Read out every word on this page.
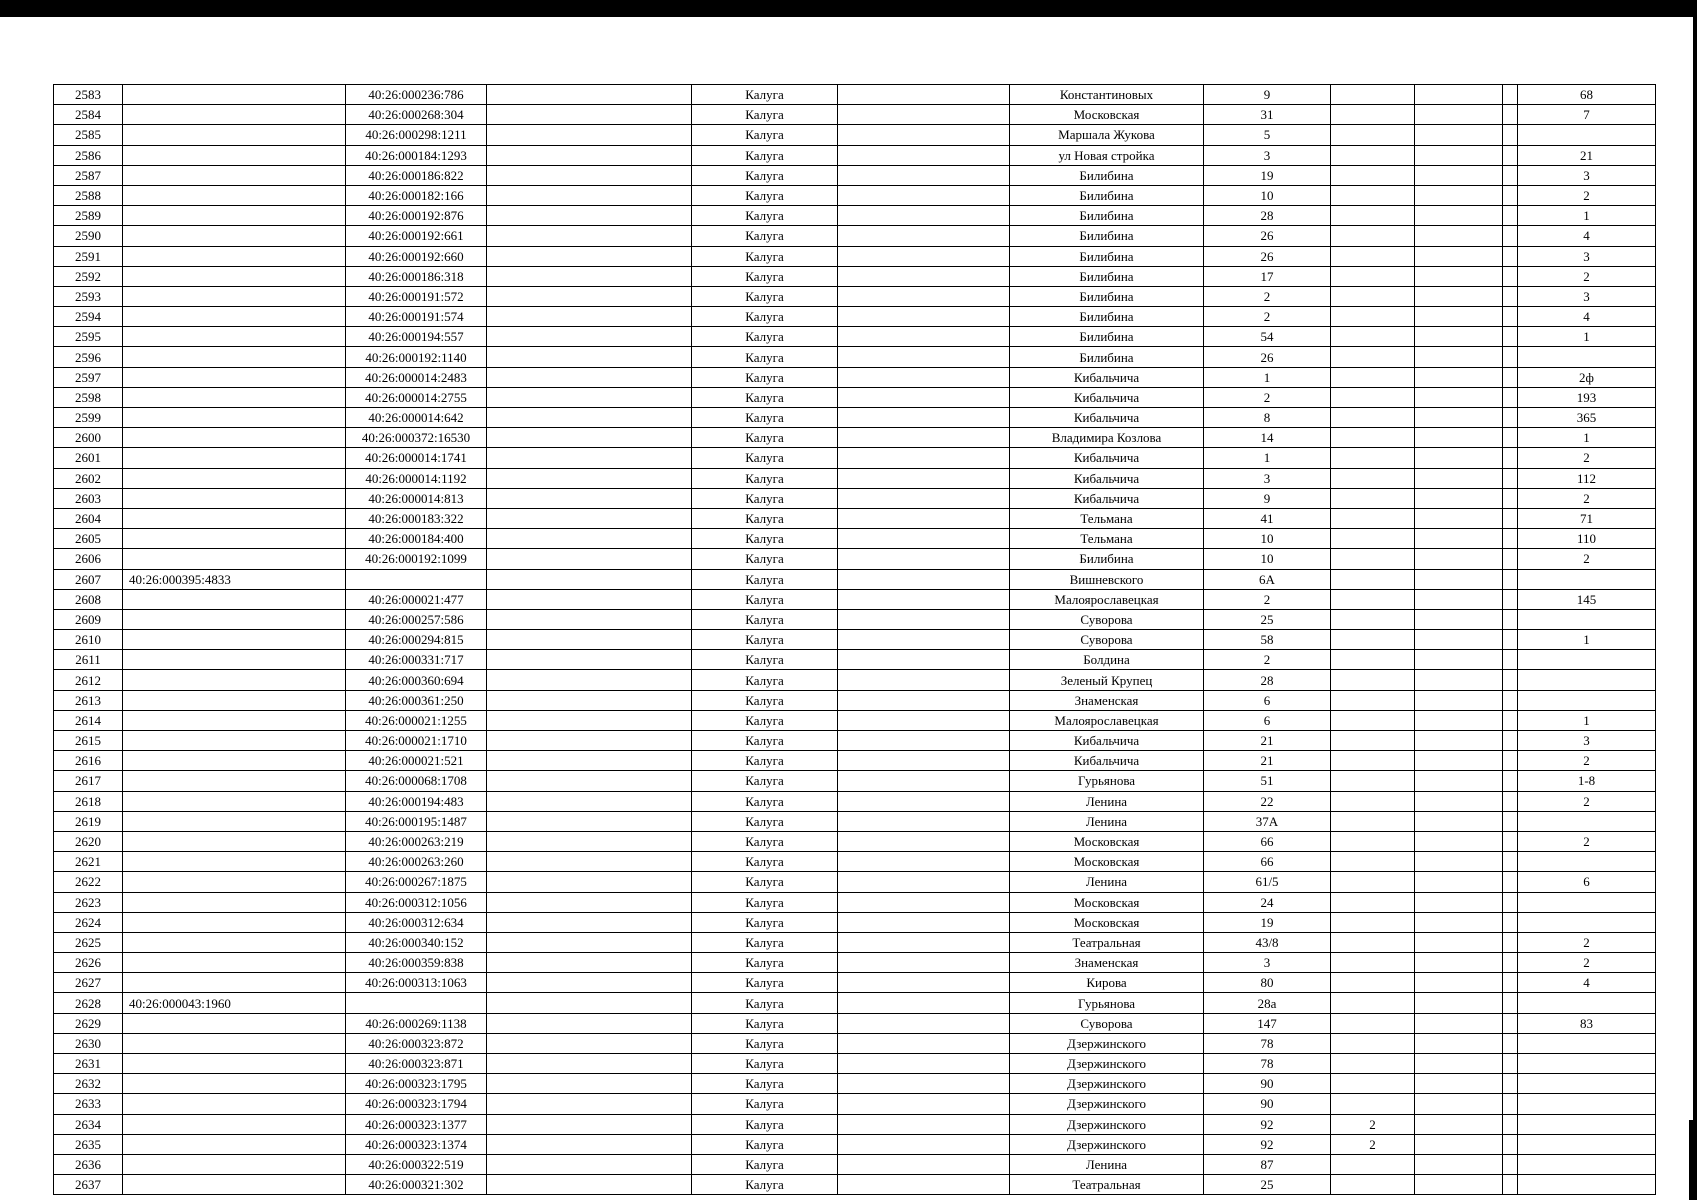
2583		40:26:000236:786		Калуга		Константиновых	9				68
2584		40:26:000268:304		Калуга		Московская	31				7
2585		40:26:000298:1211		Калуга		Маршала Жукова	5				
2586		40:26:000184:1293		Калуга		ул Новая стройка	3				21
2587		40:26:000186:822		Калуга		Билибина	19				3
2588		40:26:000182:166		Калуга		Билибина	10				2
2589		40:26:000192:876		Калуга		Билибина	28				1
2590		40:26:000192:661		Калуга		Билибина	26				4
2591		40:26:000192:660		Калуга		Билибина	26				3
2592		40:26:000186:318		Калуга		Билибина	17				2
2593		40:26:000191:572		Калуга		Билибина	2				3
2594		40:26:000191:574		Калуга		Билибина	2				4
2595		40:26:000194:557		Калуга		Билибина	54				1
2596		40:26:000192:1140		Калуга		Билибина	26				
2597		40:26:000014:2483		Калуга		Кибальчича	1				2ф
2598		40:26:000014:2755		Калуга		Кибальчича	2				193
2599		40:26:000014:642		Калуга		Кибальчича	8				365
2600		40:26:000372:16530		Калуга		Владимира Козлова	14				1
2601		40:26:000014:1741		Калуга		Кибальчича	1				2
2602		40:26:000014:1192		Калуга		Кибальчича	3				112
2603		40:26:000014:813		Калуга		Кибальчича	9				2
2604		40:26:000183:322		Калуга		Тельмана	41				71
2605		40:26:000184:400		Калуга		Тельмана	10				110
2606		40:26:000192:1099		Калуга		Билибина	10				2
2607	40:26:000395:4833			Калуга		Вишневского	6А				
2608		40:26:000021:477		Калуга		Малоярославецкая	2				145
2609		40:26:000257:586		Калуга		Суворова	25				
2610		40:26:000294:815		Калуга		Суворова	58				1
2611		40:26:000331:717		Калуга		Болдина	2				
2612		40:26:000360:694		Калуга		Зеленый Крупец	28				
2613		40:26:000361:250		Калуга		Знаменская	6				
2614		40:26:000021:1255		Калуга		Малоярославецкая	6				1
2615		40:26:000021:1710		Калуга		Кибальчича	21				3
2616		40:26:000021:521		Калуга		Кибальчича	21				2
2617		40:26:000068:1708		Калуга		Гурьянова	51				1-8
2618		40:26:000194:483		Калуга		Ленина	22				2
2619		40:26:000195:1487		Калуга		Ленина	37А				
2620		40:26:000263:219		Калуга		Московская	66				2
2621		40:26:000263:260		Калуга		Московская	66				
2622		40:26:000267:1875		Калуга		Ленина	61/5				6
2623		40:26:000312:1056		Калуга		Московская	24				
2624		40:26:000312:634		Калуга		Московская	19				
2625		40:26:000340:152		Калуга		Театральная	43/8				2
2626		40:26:000359:838		Калуга		Знаменская	3				2
2627		40:26:000313:1063		Калуга		Кирова	80				4
2628	40:26:000043:1960			Калуга		Гурьянова	28а				
2629		40:26:000269:1138		Калуга		Суворова	147				83
2630		40:26:000323:872		Калуга		Дзержинского	78				
2631		40:26:000323:871		Калуга		Дзержинского	78				
2632		40:26:000323:1795		Калуга		Дзержинского	90				
2633		40:26:000323:1794		Калуга		Дзержинского	90				
2634		40:26:000323:1377		Калуга		Дзержинского	92	2			
2635		40:26:000323:1374		Калуга		Дзержинского	92	2			
2636		40:26:000322:519		Калуга		Ленина	87				
2637		40:26:000321:302		Калуга		Театральная	25				
